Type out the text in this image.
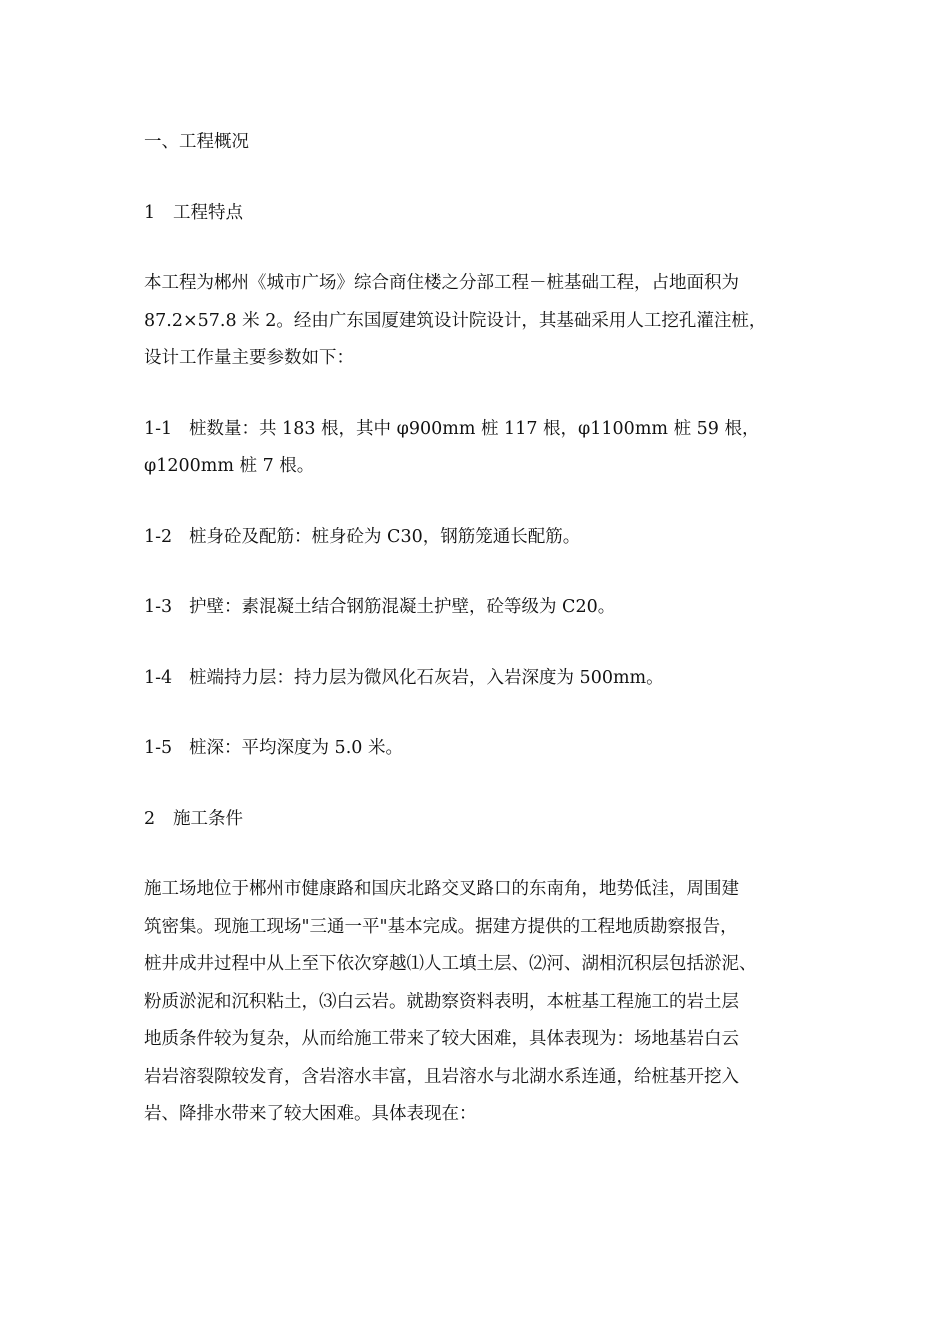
一、工程概况

1 工程特点

本工程为郴州《城市广场》综合商住楼之分部工程－桩基础工程，占地面积为
87.2×57.8 米 2。经由广东国厦建筑设计院设计，其基础采用人工挖孔灌注桩，
设计工作量主要参数如下：

1-1 桩数量：共 183 根，其中 φ900mm 桩 117 根，φ1100mm 桩 59 根，
φ1200mm 桩 7 根。

1-2 桩身砼及配筋：桩身砼为 C30，钢筋笼通长配筋。

1-3 护壁：素混凝土结合钢筋混凝土护壁，砼等级为 C20。

1-4 桩端持力层：持力层为微风化石灰岩，入岩深度为 500mm。

1-5 桩深：平均深度为 5.0 米。

2 施工条件

施工场地位于郴州市健康路和国庆北路交叉路口的东南角，地势低洼，周围建
筑密集。现施工现场"三通一平"基本完成。据建方提供的工程地质勘察报告，
桩井成井过程中从上至下依次穿越⑴人工填土层、⑵河、湖相沉积层包括淤泥、
粉质淤泥和沉积粘土，⑶白云岩。就勘察资料表明，本桩基工程施工的岩土层
地质条件较为复杂，从而给施工带来了较大困难，具体表现为：场地基岩白云
岩岩溶裂隙较发育，含岩溶水丰富，且岩溶水与北湖水系连通，给桩基开挖入
岩、降排水带来了较大困难。具体表现在：
